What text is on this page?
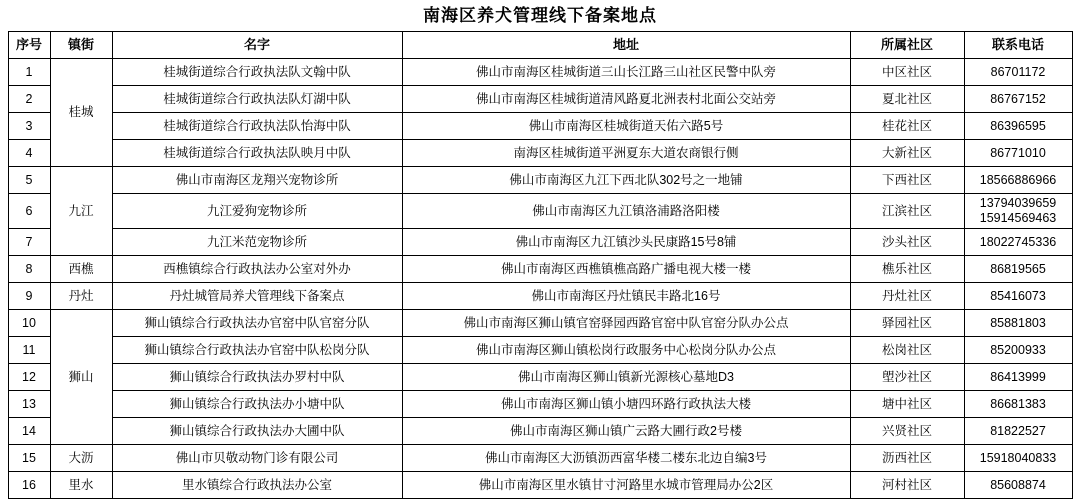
南海区养犬管理线下备案地点
序号	镇街	名字	地址	所属社区	联系电话
1	桂城	桂城街道综合行政执法队文翰中队	佛山市南海区桂城街道三山长江路三山社区民警中队旁	中区社区	86701172

2		桂城街道综合行政执法队灯湖中队	佛山市南海区桂城街道清风路夏北洲表村北面公交站旁	夏北社区	86767152

3		桂城街道综合行政执法队怡海中队	佛山市南海区桂城街道天佑六路5号	桂花社区	86396595

4		桂城街道综合行政执法队映月中队	南海区桂城街道平洲夏东大道农商银行侧	大新社区	86771010

5	九江	佛山市南海区龙翔兴宠物诊所	佛山市南海区九江下西北队302号之一地铺	下西社区	18566886966

6		九江爱狗宠物诊所	佛山市南海区九江镇洛浦路洛阳楼	江滨社区	13794039659
15914569463

7		九江米范宠物诊所	佛山市南海区九江镇沙头民康路15号8铺	沙头社区	18022745336

8	西樵	西樵镇综合行政执法办公室对外办	佛山市南海区西樵镇樵高路广播电视大楼一楼	樵乐社区	86819565

9	丹灶	丹灶城管局养犬管理线下备案点	佛山市南海区丹灶镇民丰路北16号	丹灶社区	85416073

10	狮山	狮山镇综合行政执法办官窑中队官窑分队	佛山市南海区狮山镇官窑驿园西路官窑中队官窑分队办公点	驿园社区	85881803

11		狮山镇综合行政执法办官窑中队松岗分队	佛山市南海区狮山镇松岗行政服务中心松岗分队办公点	松岗社区	85200933

12		狮山镇综合行政执法办罗村中队	佛山市南海区狮山镇新光源核心墓地D3	塱沙社区	86413999

13		狮山镇综合行政执法办小塘中队	佛山市南海区狮山镇小塘四环路行政执法大楼	塘中社区	86681383

14		狮山镇综合行政执法办大圃中队	佛山市南海区狮山镇广云路大圃行政2号楼	兴贤社区	81822527

15	大沥	佛山市贝敬动物门诊有限公司	佛山市南海区大沥镇沥西富华楼二楼东北边自编3号	沥西社区	15918040833

16	里水	里水镇综合行政执法办公室	佛山市南海区里水镇甘寸河路里水城市管理局办公2区	河村社区	85608874
